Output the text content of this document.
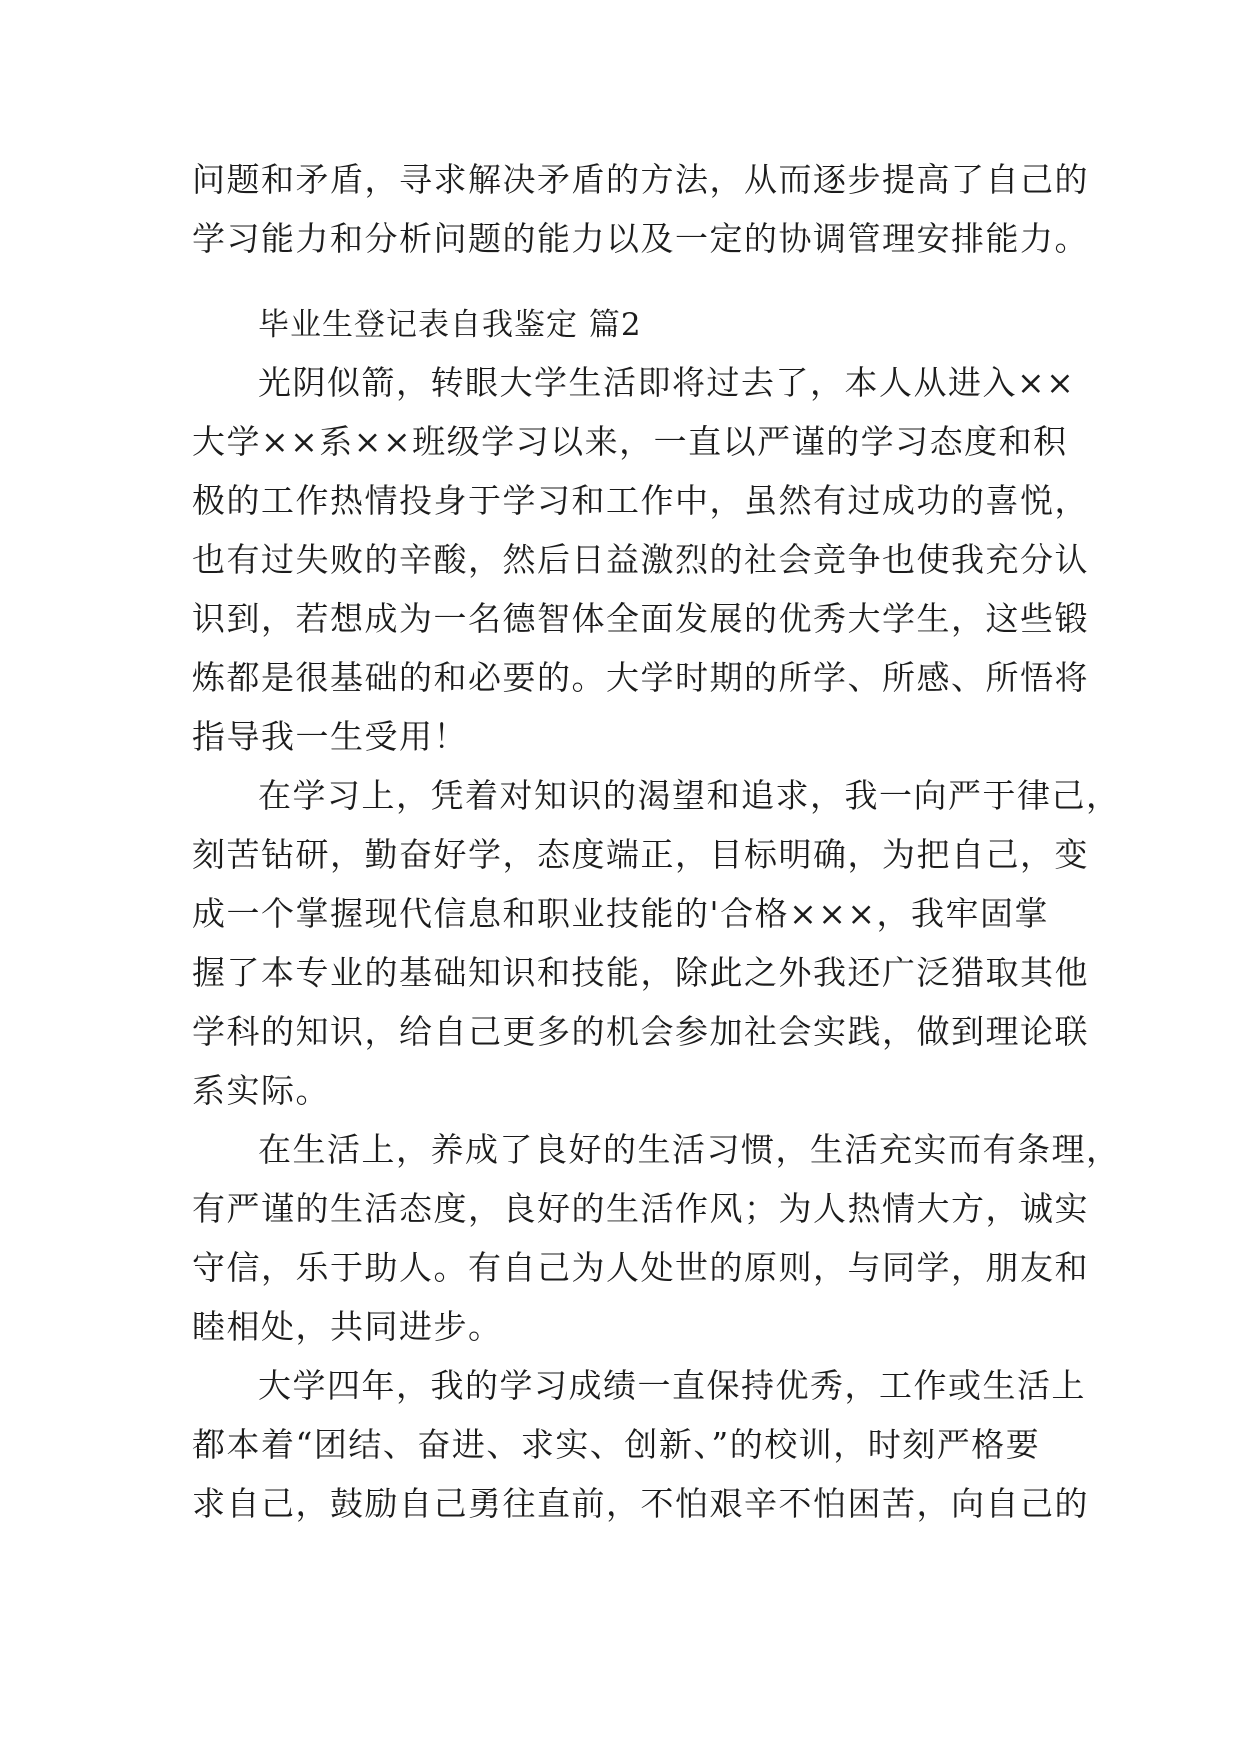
问题和矛盾，寻求解决矛盾的方法，从而逐步提高了自己的
学习能力和分析问题的能力以及一定的协调管理安排能力。
毕业生登记表自我鉴定 篇2
光阴似箭，转眼大学生活即将过去了，本人从进入××
大学××系××班级学习以来，一直以严谨的学习态度和积
极的工作热情投身于学习和工作中，虽然有过成功的喜悦，
也有过失败的辛酸，然后日益激烈的社会竞争也使我充分认
识到，若想成为一名德智体全面发展的优秀大学生，这些锻
炼都是很基础的和必要的。大学时期的所学、所感、所悟将
指导我一生受用！
在学习上，凭着对知识的渴望和追求，我一向严于律己，
刻苦钻研，勤奋好学，态度端正，目标明确，为把自己，变
成一个掌握现代信息和职业技能的'合格×××，我牢固掌
握了本专业的基础知识和技能，除此之外我还广泛猎取其他
学科的知识，给自己更多的机会参加社会实践，做到理论联
系实际。
在生活上，养成了良好的生活习惯，生活充实而有条理，
有严谨的生活态度，良好的生活作风；为人热情大方，诚实
守信，乐于助人。有自己为人处世的原则，与同学，朋友和
睦相处，共同进步。
大学四年，我的学习成绩一直保持优秀，工作或生活上
都本着“团结、奋进、求实、创新、”的校训，时刻严格要
求自己，鼓励自己勇往直前，不怕艰辛不怕困苦，向自己的
